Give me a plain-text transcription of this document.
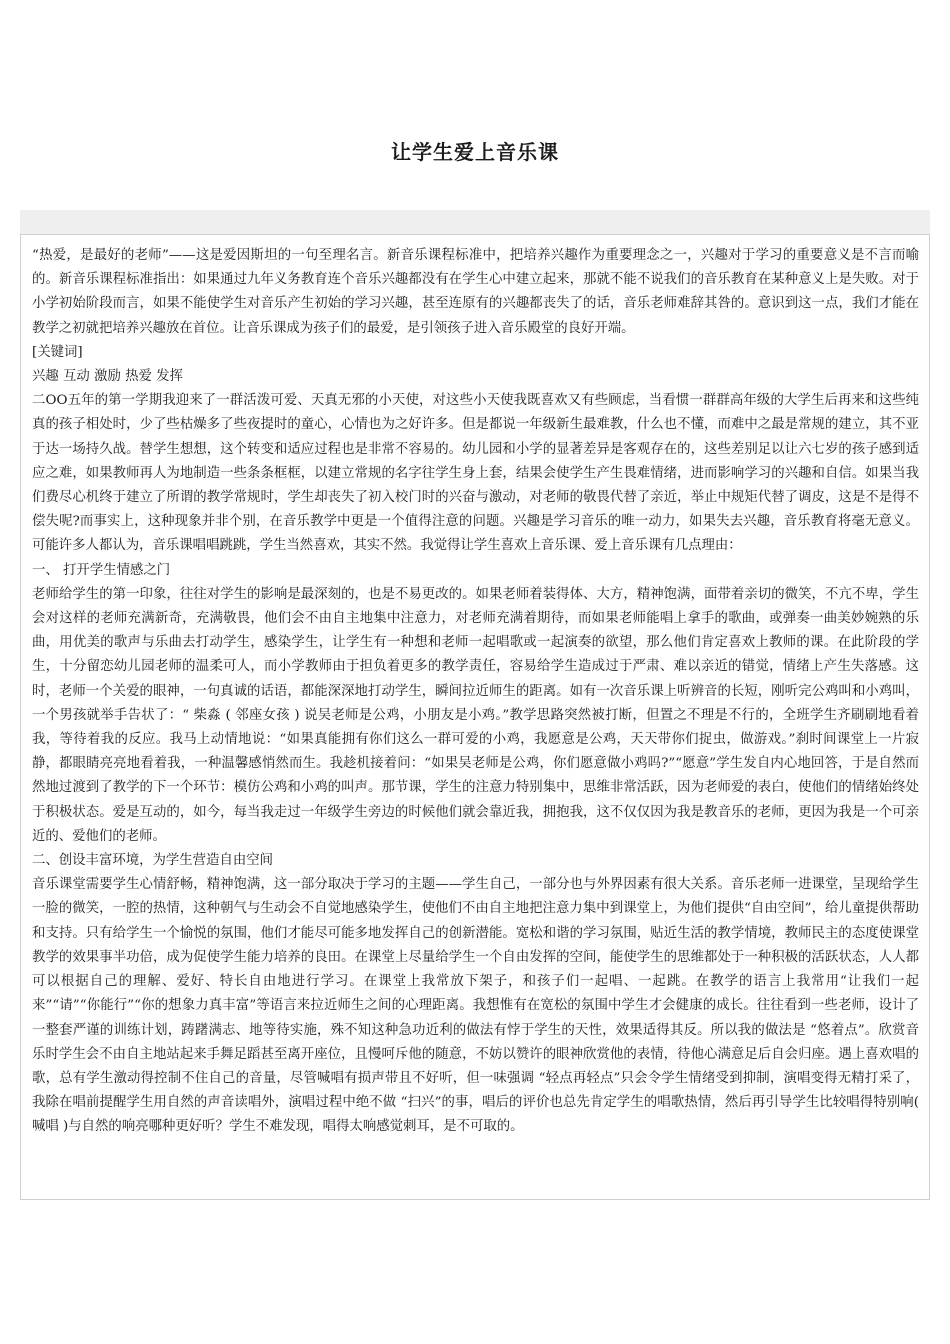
让学生爱上音乐课

“热爱，是最好的老师”——这是爱因斯坦的一句至理名言。新音乐课程标准中，把培养兴趣作为重要理念之一，兴趣对于学习的重要意义是不言而喻的。新音乐课程标准指出：如果通过九年义务教育连个音乐兴趣都没有在学生心中建立起来，那就不能不说我们的音乐教育在某种意义上是失败。对于小学初始阶段而言，如果不能使学生对音乐产生初始的学习兴趣，甚至连原有的兴趣都丧失了的话，音乐老师难辞其咎的。意识到这一点，我们才能在教学之初就把培养兴趣放在首位。让音乐课成为孩子们的最爱，是引领孩子进入音乐殿堂的良好开端。

[关键词]

兴趣 互动 激励 热爱 发挥

二OO五年的第一学期我迎来了一群活泼可爱、天真无邪的小天使，对这些小天使我既喜欢又有些顾虑，当看惯一群群高年级的大学生后再来和这些纯真的孩子相处时，少了些枯燥多了些夜提时的童心，心情也为之好许多。但是都说一年级新生最难教，什么也不懂，而难中之最是常规的建立，其不亚于达一场持久战。替学生想想，这个转变和适应过程也是非常不容易的。幼儿园和小学的显著差异是客观存在的，这些差别足以让六七岁的孩子感到适应之难，如果教师再人为地制造一些条条框框，以建立常规的名字往学生身上套，结果会使学生产生畏难情绪，进而影响学习的兴趣和自信。如果当我们费尽心机终于建立了所谓的教学常规时，学生却丧失了初入校门时的兴奋与激动，对老师的敬畏代替了亲近，举止中规矩代替了调皮，这是不是得不偿失呢?而事实上，这种现象并非个别，在音乐教学中更是一个值得注意的问题。兴趣是学习音乐的唯一动力，如果失去兴趣，音乐教育将毫无意义。可能许多人都认为，音乐课唱唱跳跳，学生当然喜欢，其实不然。我觉得让学生喜欢上音乐课、爱上音乐课有几点理由：

一、 打开学生情感之门

老师给学生的第一印象，往往对学生的影响是最深刻的，也是不易更改的。如果老师着装得体、大方，精神饱满，面带着亲切的微笑，不亢不卑，学生会对这样的老师充满新奇，充满敬畏，他们会不由自主地集中注意力，对老师充满着期待，而如果老师能唱上拿手的歌曲，或弹奏一曲美妙婉熟的乐曲，用优美的歌声与乐曲去打动学生，感染学生，让学生有一种想和老师一起唱歌或一起演奏的欲望，那么他们肯定喜欢上教师的课。在此阶段的学生，十分留恋幼儿园老师的温柔可人，而小学教师由于担负着更多的教学责任，容易给学生造成过于严肃、难以亲近的错觉，情绪上产生失落感。这时，老师一个关爱的眼神，一句真诚的话语，都能深深地打动学生，瞬间拉近师生的距离。如有一次音乐课上听辨音的长短，刚听完公鸡叫和小鸡叫，一个男孩就举手告状了：“ 柴淼 ( 邻座女孩 ) 说吴老师是公鸡，小朋友是小鸡。”教学思路突然被打断，但置之不理是不行的，全班学生齐刷刷地看着我，等待着我的反应。我马上动情地说：“如果真能拥有你们这么一群可爱的小鸡，我愿意是公鸡，天天带你们捉虫，做游戏。”刹时间课堂上一片寂静，都眼睛亮亮地看着我，一种温馨感悄然而生。我趁机接着问：“如果吴老师是公鸡，你们愿意做小鸡吗?”“愿意”学生发自内心地回答，于是自然而然地过渡到了教学的下一个环节：模仿公鸡和小鸡的叫声。那节课，学生的注意力特别集中，思维非常活跃，因为老师爱的表白，使他们的情绪始终处于积极状态。爱是互动的，如今，每当我走过一年级学生旁边的时候他们就会靠近我，拥抱我，这不仅仅因为我是教音乐的老师，更因为我是一个可亲近的、爱他们的老师。

二、创设丰富环境，为学生营造自由空间

音乐课堂需要学生心情舒畅，精神饱满，这一部分取决于学习的主题——学生自己，一部分也与外界因素有很大关系。音乐老师一进课堂，呈现给学生一脸的微笑，一腔的热情，这种朝气与生动会不自觉地感染学生，使他们不由自主地把注意力集中到课堂上，为他们提供“自由空间”，给儿童提供帮助和支持。只有给学生一个愉悦的氛围，他们才能尽可能多地发挥自己的创新潜能。宽松和谐的学习氛围，贴近生活的教学情境，教师民主的态度使课堂教学的效果事半功倍，成为促使学生能力培养的良田。在课堂上尽量给学生一个自由发挥的空间，能使学生的思维都处于一种积极的活跃状态，人人都可以根据自己的理解、爱好、特长自由地进行学习。在课堂上我常放下架子，和孩子们一起唱、一起跳。在教学的语言上我常用“让我们一起来”“请”“你能行”“你的想象力真丰富”等语言来拉近师生之间的心理距离。我想惟有在宽松的氛围中学生才会健康的成长。往往看到一些老师，设计了一整套严谨的训练计划，踌躇满志、地等待实施，殊不知这种急功近利的做法有悖于学生的天性，效果适得其反。所以我的做法是 “悠着点”。欣赏音乐时学生会不由自主地站起来手舞足蹈甚至离开座位，且慢呵斥他的随意，不妨以赞许的眼神欣赏他的表情，待他心满意足后自会归座。遇上喜欢唱的歌，总有学生激动得控制不住自己的音量，尽管喊唱有损声带且不好听，但一味强调 “轻点再轻点”只会令学生情绪受到抑制，演唱变得无精打采了，我除在唱前提醒学生用自然的声音读唱外，演唱过程中绝不做 “扫兴”的事，唱后的评价也总先肯定学生的唱歌热情，然后再引导学生比较唱得特别响( 喊唱 )与自然的响亮哪种更好听？学生不难发现，唱得太响感觉刺耳，是不可取的。
